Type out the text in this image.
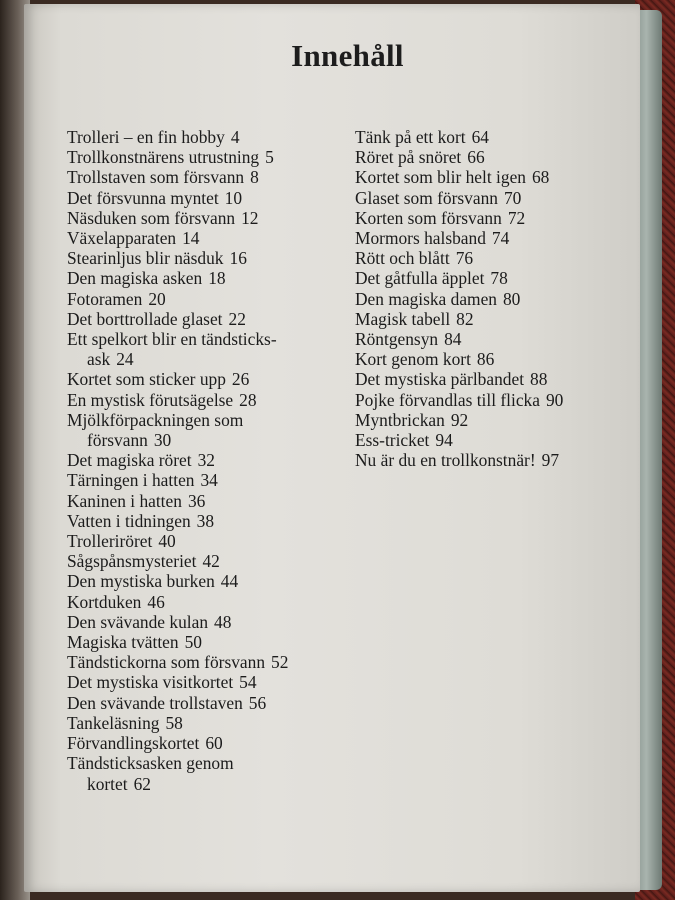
Innehåll
Trolleri – en fin hobby 4
Trollkonstnärens utrustning 5
Trollstaven som försvann 8
Det försvunna myntet 10
Näsduken som försvann 12
Växelapparaten 14
Stearinljus blir näsduk 16
Den magiska asken 18
Fotoramen 20
Det borttrollade glaset 22
Ett spelkort blir en tändsticks-
ask 24
Kortet som sticker upp 26
En mystisk förutsägelse 28
Mjölkförpackningen som
försvann 30
Det magiska röret 32
Tärningen i hatten 34
Kaninen i hatten 36
Vatten i tidningen 38
Trolleriröret 40
Sågspånsmysteriet 42
Den mystiska burken 44
Kortduken 46
Den svävande kulan 48
Magiska tvätten 50
Tändstickorna som försvann 52
Det mystiska visitkortet 54
Den svävande trollstaven 56
Tankeläsning 58
Förvandlingskortet 60
Tändsticksasken genom
kortet 62
Tänk på ett kort 64
Röret på snöret 66
Kortet som blir helt igen 68
Glaset som försvann 70
Korten som försvann 72
Mormors halsband 74
Rött och blått 76
Det gåtfulla äpplet 78
Den magiska damen 80
Magisk tabell 82
Röntgensyn 84
Kort genom kort 86
Det mystiska pärlbandet 88
Pojke förvandlas till flicka 90
Myntbrickan 92
Ess-tricket 94
Nu är du en trollkonstnär! 97
